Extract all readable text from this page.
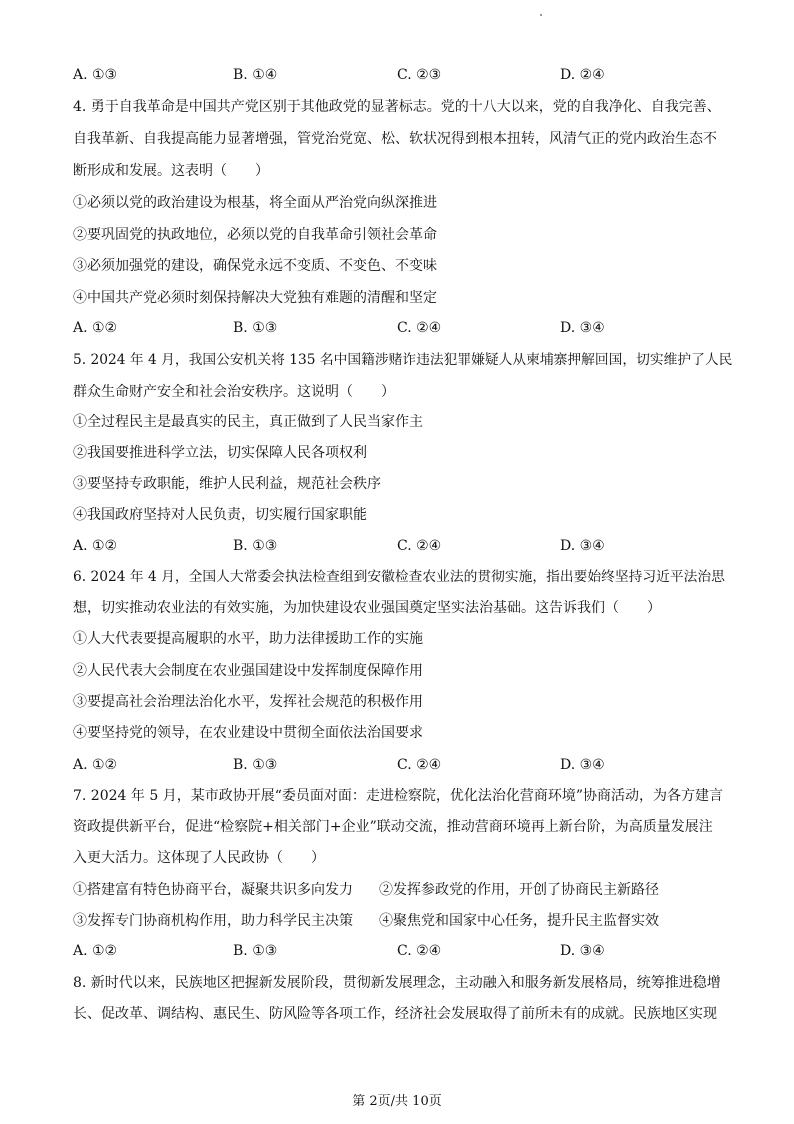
A. ①③	B. ①④	C. ②③	D. ②④
4. 勇于自我革命是中国共产党区别于其他政党的显著标志。党的十八大以来，党的自我净化、自我完善、
自我革新、自我提高能力显著增强，管党治党宽、松、软状况得到根本扭转，风清气正的党内政治生态不
断形成和发展。这表明（　　）
①必须以党的政治建设为根基，将全面从严治党向纵深推进
②要巩固党的执政地位，必须以党的自我革命引领社会革命
③必须加强党的建设，确保党永远不变质、不变色、不变味
④中国共产党必须时刻保持解决大党独有难题的清醒和坚定
A. ①②	B. ①③	C. ②④	D. ③④
5. 2024 年 4 月，我国公安机关将 135 名中国籍涉赌诈违法犯罪嫌疑人从柬埔寨押解回国，切实维护了人民
群众生命财产安全和社会治安秩序。这说明（　　）
①全过程民主是最真实的民主，真正做到了人民当家作主
②我国要推进科学立法，切实保障人民各项权利
③要坚持专政职能，维护人民利益，规范社会秩序
④我国政府坚持对人民负责，切实履行国家职能
A. ①②	B. ①③	C. ②④	D. ③④
6. 2024 年 4 月，全国人大常委会执法检查组到安徽检查农业法的贯彻实施，指出要始终坚持习近平法治思
想，切实推动农业法的有效实施，为加快建设农业强国奠定坚实法治基础。这告诉我们（　　）
①人大代表要提高履职的水平，助力法律援助工作的实施
②人民代表大会制度在农业强国建设中发挥制度保障作用
③要提高社会治理法治化水平，发挥社会规范的积极作用
④要坚持党的领导，在农业建设中贯彻全面依法治国要求
A. ①②	B. ①③	C. ②④	D. ③④
7. 2024 年 5 月，某市政协开展“委员面对面：走进检察院，优化法治化营商环境”协商活动，为各方建言
资政提供新平台，促进“检察院+相关部门+企业”联动交流，推动营商环境再上新台阶，为高质量发展注
入更大活力。这体现了人民政协（　　）
①搭建富有特色协商平台，凝聚共识多向发力 ②发挥参政党的作用，开创了协商民主新路径
③发挥专门协商机构作用，助力科学民主决策 ④聚焦党和国家中心任务，提升民主监督实效
A. ①②	B. ①③	C. ②④	D. ③④
8. 新时代以来，民族地区把握新发展阶段，贯彻新发展理念，主动融入和服务新发展格局，统筹推进稳增
长、促改革、调结构、惠民生、防风险等各项工作，经济社会发展取得了前所未有的成就。民族地区实现
第 2页/共 10页
